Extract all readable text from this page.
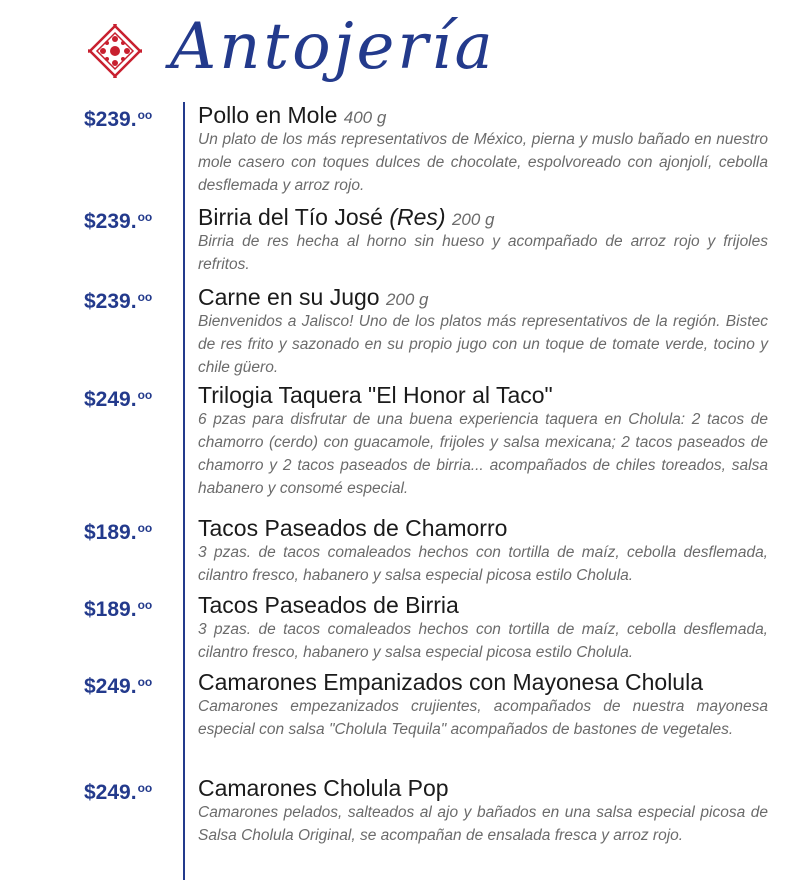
Antojería
$239.$^{oo}$	Pollo en Mole 400 g
Un plato de los más representativos de México, pierna y muslo bañado en nuestro mole casero con toques dulces de chocolate, espolvoreado con ajonjolí, cebolla desflemada y arroz rojo.
$239.$^{oo}$	Birria del Tío José (Res) 200 g
Birria de res hecha al horno sin hueso y acompañado de arroz rojo y frijoles refritos.
$239.$^{oo}$	Carne en su Jugo 200 g
Bienvenidos a Jalisco! Uno de los platos más representativos de la región. Bistec de res frito y sazonado en su propio jugo con un toque de tomate verde, tocino y chile güero.
$249.$^{oo}$	Trilogia Taquera "El Honor al Taco"
6 pzas para disfrutar de una buena experiencia taquera en Cholula: 2 tacos de chamorro (cerdo) con guacamole, frijoles y salsa mexicana; 2 tacos paseados de chamorro y 2 tacos paseados de birria... acompañados de chiles toreados, salsa habanero y consomé especial.
$189.$^{oo}$	Tacos Paseados de Chamorro
3 pzas. de tacos comaleados hechos con tortilla de maíz, cebolla desflemada, cilantro fresco, habanero y salsa especial picosa estilo Cholula.
$189.$^{oo}$	Tacos Paseados de Birria
3 pzas. de tacos comaleados hechos con tortilla de maíz, cebolla desflemada, cilantro fresco, habanero y salsa especial picosa estilo Cholula.
$249.$^{oo}$	Camarones Empanizados con Mayonesa Cholula
Camarones empezanizados crujientes, acompañados de nuestra mayonesa especial con salsa "Cholula Tequila" acompañados de bastones de vegetales.
$249.$^{oo}$	Camarones Cholula Pop
Camarones pelados, salteados al ajo y bañados en una salsa especial picosa de Salsa Cholula Original, se acompañan de ensalada fresca y arroz rojo.
